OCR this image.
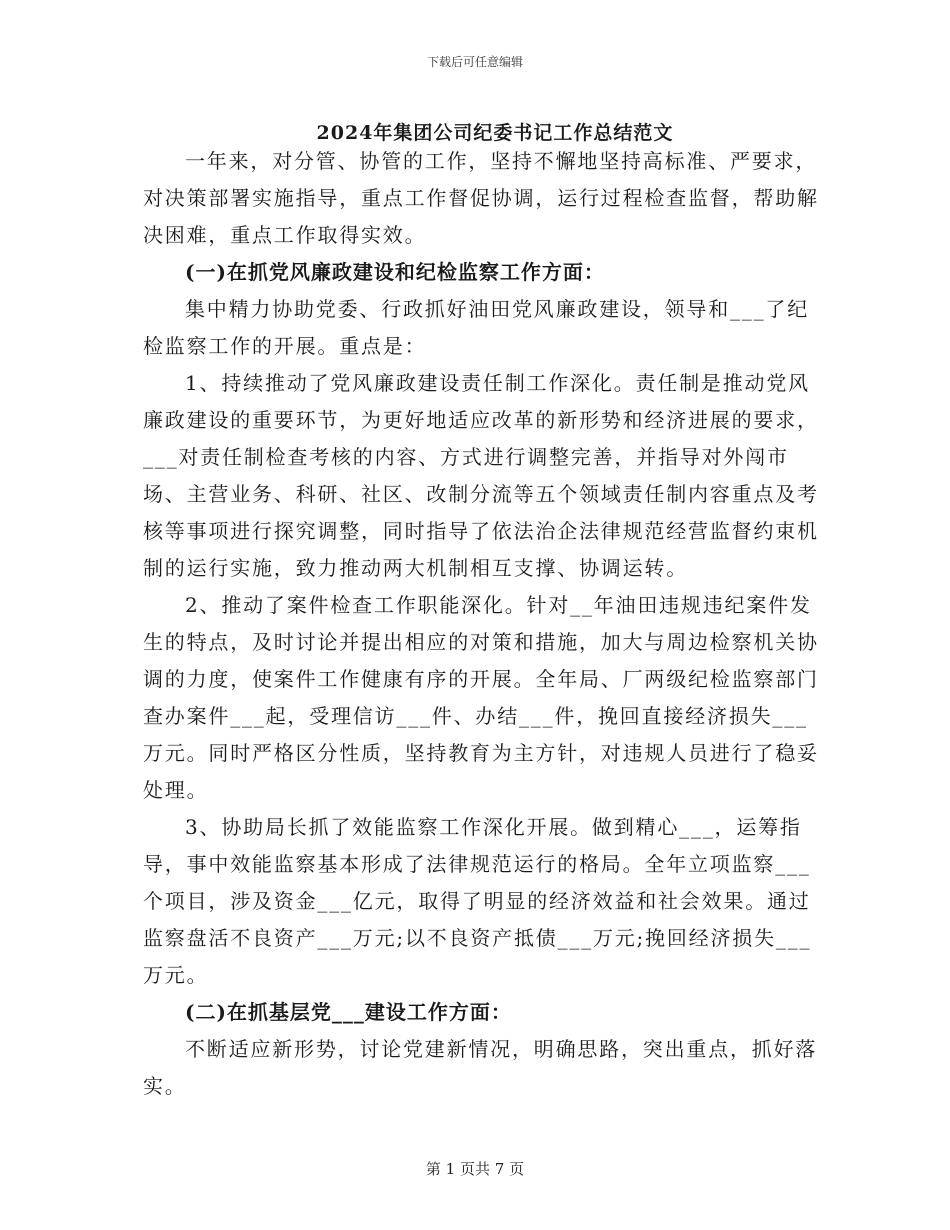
下载后可任意编辑
2024年集团公司纪委书记工作总结范文

一年来，对分管、协管的工作，坚持不懈地坚持高标准、严要求，对决策部署实施指导，重点工作督促协调，运行过程检查监督，帮助解决困难，重点工作取得实效。

(一)在抓党风廉政建设和纪检监察工作方面：

集中精力协助党委、行政抓好油田党风廉政建设，领导和___了纪检监察工作的开展。重点是：

1、持续推动了党风廉政建设责任制工作深化。责任制是推动党风廉政建设的重要环节，为更好地适应改革的新形势和经济进展的要求，___对责任制检查考核的内容、方式进行调整完善，并指导对外闯市场、主营业务、科研、社区、改制分流等五个领域责任制内容重点及考核等事项进行探究调整，同时指导了依法治企法律规范经营监督约束机制的运行实施，致力推动两大机制相互支撑、协调运转。

2、推动了案件检查工作职能深化。针对__年油田违规违纪案件发生的特点，及时讨论并提出相应的对策和措施，加大与周边检察机关协调的力度，使案件工作健康有序的开展。全年局、厂两级纪检监察部门查办案件___起，受理信访___件、办结___件，挽回直接经济损失___万元。同时严格区分性质，坚持教育为主方针，对违规人员进行了稳妥处理。

3、协助局长抓了效能监察工作深化开展。做到精心___，运筹指导，事中效能监察基本形成了法律规范运行的格局。全年立项监察___个项目，涉及资金___亿元，取得了明显的经济效益和社会效果。通过监察盘活不良资产___万元;以不良资产抵债___万元;挽回经济损失___万元。

(二)在抓基层党___建设工作方面：

不断适应新形势，讨论党建新情况，明确思路，突出重点，抓好落实。

第 1 页共 7 页
